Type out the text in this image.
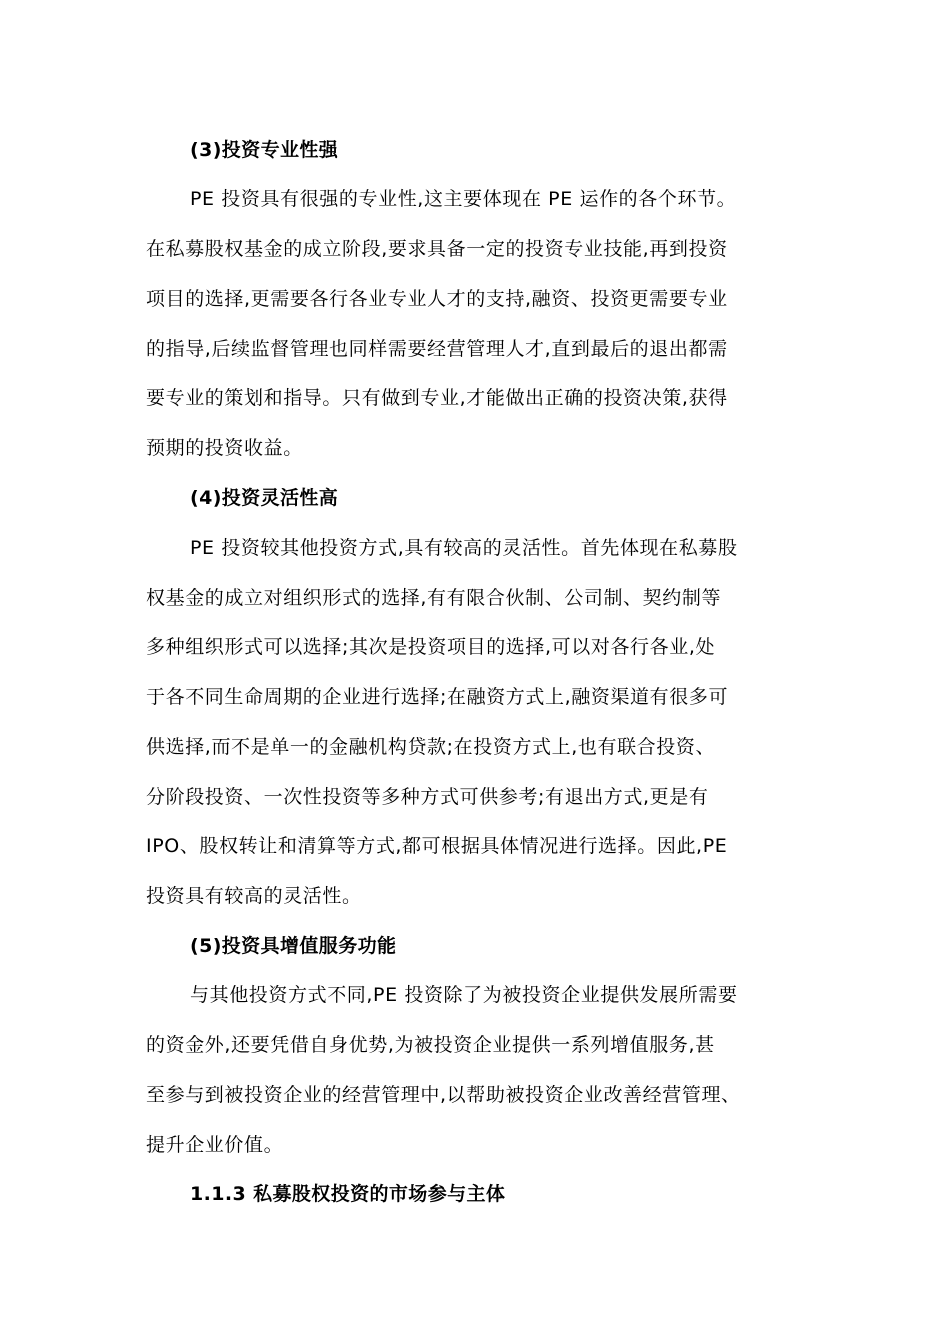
(3)投资专业性强
PE 投资具有很强的专业性,这主要体现在 PE 运作的各个环节。
在私募股权基金的成立阶段,要求具备一定的投资专业技能,再到投资
项目的选择,更需要各行各业专业人才的支持,融资、投资更需要专业
的指导,后续监督管理也同样需要经营管理人才,直到最后的退出都需
要专业的策划和指导。只有做到专业,才能做出正确的投资决策,获得
预期的投资收益。
(4)投资灵活性高
PE 投资较其他投资方式,具有较高的灵活性。首先体现在私募股
权基金的成立对组织形式的选择,有有限合伙制、公司制、契约制等
多种组织形式可以选择;其次是投资项目的选择,可以对各行各业,处
于各不同生命周期的企业进行选择;在融资方式上,融资渠道有很多可
供选择,而不是单一的金融机构贷款;在投资方式上,也有联合投资、
分阶段投资、一次性投资等多种方式可供参考;有退出方式,更是有
IPO、股权转让和清算等方式,都可根据具体情况进行选择。因此,PE
投资具有较高的灵活性。
(5)投资具增值服务功能
与其他投资方式不同,PE 投资除了为被投资企业提供发展所需要
的资金外,还要凭借自身优势,为被投资企业提供一系列增值服务,甚
至参与到被投资企业的经营管理中,以帮助被投资企业改善经营管理、
提升企业价值。
1.1.3 私募股权投资的市场参与主体
